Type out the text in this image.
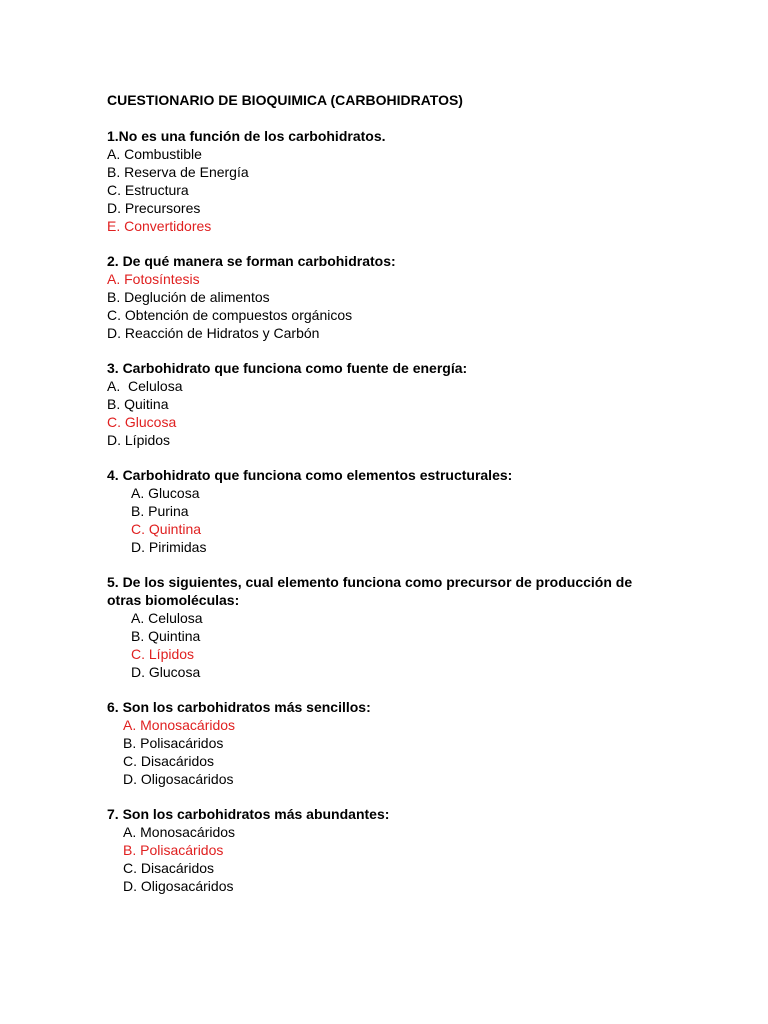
CUESTIONARIO DE BIOQUIMICA (CARBOHIDRATOS)
1.No es una función de los carbohidratos.
A. Combustible
B. Reserva de Energía
C. Estructura
D. Precursores
E. Convertidores
2. De qué manera se forman carbohidratos:
A. Fotosíntesis
B. Deglución de alimentos
C. Obtención de compuestos orgánicos
D. Reacción de Hidratos y Carbón
3. Carbohidrato que funciona como fuente de energía:
A.  Celulosa
B. Quitina
C. Glucosa
D. Lípidos
4. Carbohidrato que funciona como elementos estructurales:
A. Glucosa
B. Purina
C. Quintina
D. Pirimidas
5. De los siguientes, cual elemento funciona como precursor de producción de otras biomoléculas:
A. Celulosa
B. Quintina
C. Lípidos
D. Glucosa
6. Son los carbohidratos más sencillos:
A. Monosacáridos
B. Polisacáridos
C. Disacáridos
D. Oligosacáridos
7. Son los carbohidratos más abundantes:
A. Monosacáridos
B. Polisacáridos
C. Disacáridos
D. Oligosacáridos
